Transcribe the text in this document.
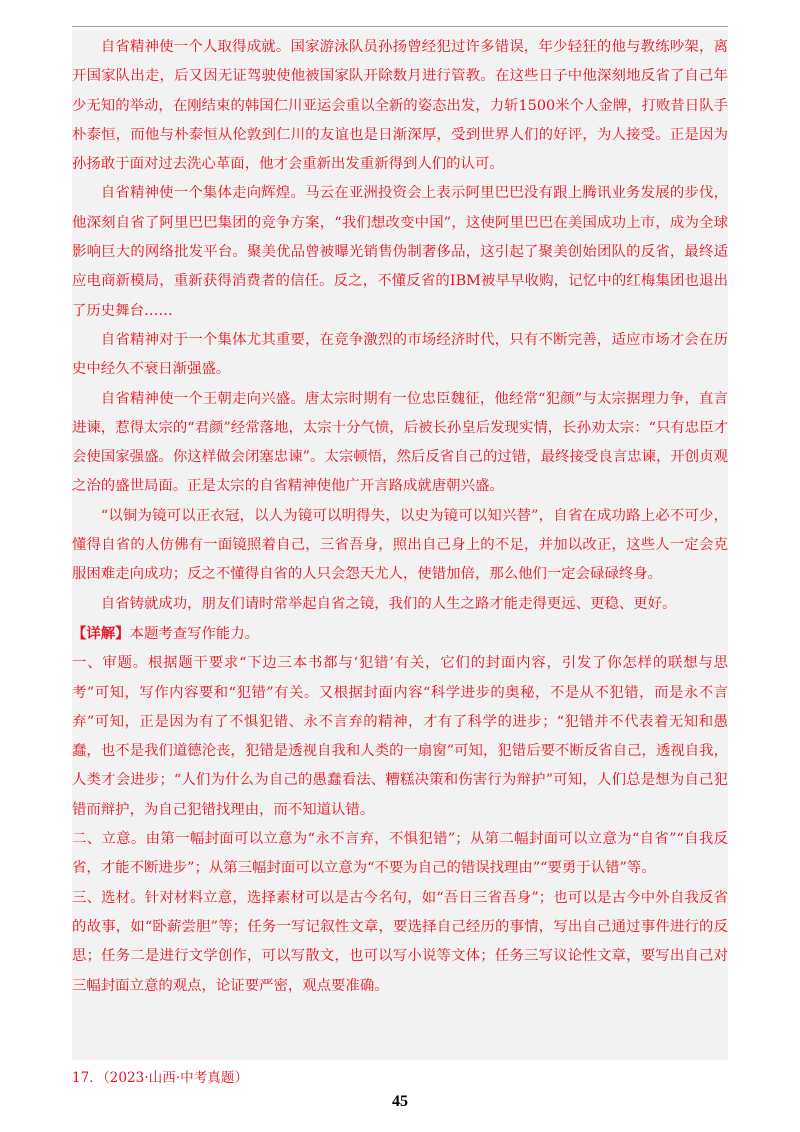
自省精神使一个人取得成就。国家游泳队员孙扬曾经犯过许多错误，年少轻狂的他与教练吵架，离开国家队出走，后又因无证驾驶使他被国家队开除数月进行管教。在这些日子中他深刻地反省了自己年少无知的举动，在刚结束的韩国仁川亚运会重以全新的姿态出发，力斩1500米个人金牌，打败昔日队手朴泰恒，而他与朴泰恒从伦敦到仁川的友谊也是日渐深厚，受到世界人们的好评，为人接受。正是因为孙扬敢于面对过去洗心革面，他才会重新出发重新得到人们的认可。

自省精神使一个集体走向辉煌。马云在亚洲投资会上表示阿里巴巴没有跟上腾讯业务发展的步伐，他深刻自省了阿里巴巴集团的竞争方案，“我们想改变中国”，这使阿里巴巴在美国成功上市，成为全球影响巨大的网络批发平台。聚美优品曾被曝光销售伪制奢侈品，这引起了聚美创始团队的反省，最终适应电商新模局，重新获得消费者的信任。反之，不懂反省的IBM被早早收购，记忆中的红梅集团也退出了历史舞台……

自省精神对于一个集体尤其重要，在竞争激烈的市场经济时代，只有不断完善，适应市场才会在历史中经久不衰日渐强盛。

自省精神使一个王朝走向兴盛。唐太宗时期有一位忠臣魏征，他经常“犯颜”与太宗据理力争，直言进谏，惹得太宗的“君颜”经常落地，太宗十分气愤，后被长孙皇后发现实情，长孙劝太宗：“只有忠臣才会使国家强盛。你这样做会闭塞忠谏”。太宗顿悟，然后反省自己的过错，最终接受良言忠谏，开创贞观之治的盛世局面。正是太宗的自省精神使他广开言路成就唐朝兴盛。

“以铜为镜可以正衣冠，以人为镜可以明得失，以史为镜可以知兴替”，自省在成功路上必不可少，懂得自省的人仿佛有一面镜照着自己，三省吾身，照出自己身上的不足，并加以改正，这些人一定会克服困难走向成功；反之不懂得自省的人只会怨天尤人，使错加倍，那么他们一定会碌碌终身。

自省铸就成功，朋友们请时常举起自省之镜，我们的人生之路才能走得更远、更稳、更好。

【详解】本题考查写作能力。

一、审题。根据题干要求“下边三本书都与‘犯错’有关，它们的封面内容，引发了你怎样的联想与思考”可知，写作内容要和“犯错”有关。又根据封面内容“科学进步的奥秘，不是从不犯错，而是永不言弃”可知，正是因为有了不惧犯错、永不言弃的精神，才有了科学的进步；“犯错并不代表着无知和愚蠢，也不是我们道德沦丧，犯错是透视自我和人类的一扇窗”可知，犯错后要不断反省自己，透视自我，人类才会进步；“人们为什么为自己的愚蠢看法、糟糕决策和伤害行为辩护”可知，人们总是想为自己犯错而辩护，为自己犯错找理由，而不知道认错。

二、立意。由第一幅封面可以立意为“永不言弃，不惧犯错”；从第二幅封面可以立意为“自省”“自我反省，才能不断进步”；从第三幅封面可以立意为“不要为自己的错误找理由”“要勇于认错”等。

三、选材。针对材料立意，选择素材可以是古今名句，如“吾日三省吾身”；也可以是古今中外自我反省的故事，如“卧薪尝胆”等；任务一写记叙性文章，要选择自己经历的事情，写出自己通过事件进行的反思；任务二是进行文学创作，可以写散文，也可以写小说等文体；任务三写议论性文章，要写出自己对三幅封面立意的观点，论证要严密，观点要准确。

17．（2023·山西·中考真题）
45
